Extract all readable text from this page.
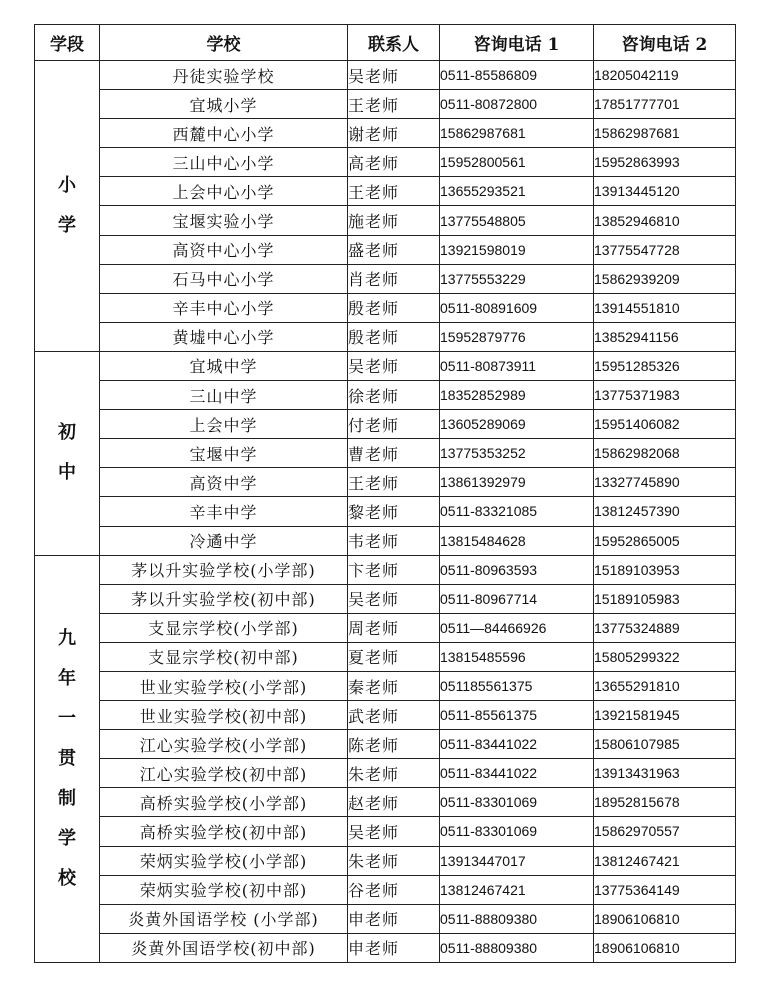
学段	学校	联系人	咨询电话 1	咨询电话 2
小学	丹徒实验学校	吴老师	0511-85586809	18205042119
	宜城小学	王老师	0511-80872800	17851777701
	西麓中心小学	谢老师	15862987681	15862987681
	三山中心小学	高老师	15952800561	15952863993
	上会中心小学	王老师	13655293521	13913445120
	宝堰实验小学	施老师	13775548805	13852946810
	高资中心小学	盛老师	13921598019	13775547728
	石马中心小学	肖老师	13775553229	15862939209
	辛丰中心小学	殷老师	0511-80891609	13914551810
	黄墟中心小学	殷老师	15952879776	13852941156
初中	宜城中学	吴老师	0511-80873911	15951285326
	三山中学	徐老师	18352852989	13775371983
	上会中学	付老师	13605289069	15951406082
	宝堰中学	曹老师	13775353252	15862982068
	高资中学	王老师	13861392979	13327745890
	辛丰中学	黎老师	0511-83321085	13812457390
	冷遹中学	韦老师	13815484628	15952865005
九年一贯制学校	茅以升实验学校(小学部)	卞老师	0511-80963593	15189103953
	茅以升实验学校(初中部)	吴老师	0511-80967714	15189105983
	支显宗学校(小学部)	周老师	0511—84466926	13775324889
	支显宗学校(初中部)	夏老师	13815485596	15805299322
	世业实验学校(小学部)	秦老师	051185561375	13655291810
	世业实验学校(初中部)	武老师	0511-85561375	13921581945
	江心实验学校(小学部)	陈老师	0511-83441022	15806107985
	江心实验学校(初中部)	朱老师	0511-83441022	13913431963
	高桥实验学校(小学部)	赵老师	0511-83301069	18952815678
	高桥实验学校(初中部)	吴老师	0511-83301069	15862970557
	荣炳实验学校(小学部)	朱老师	13913447017	13812467421
	荣炳实验学校(初中部)	谷老师	13812467421	13775364149
	炎黄外国语学校 (小学部)	申老师	0511-88809380	18906106810
	炎黄外国语学校(初中部)	申老师	0511-88809380	18906106810
